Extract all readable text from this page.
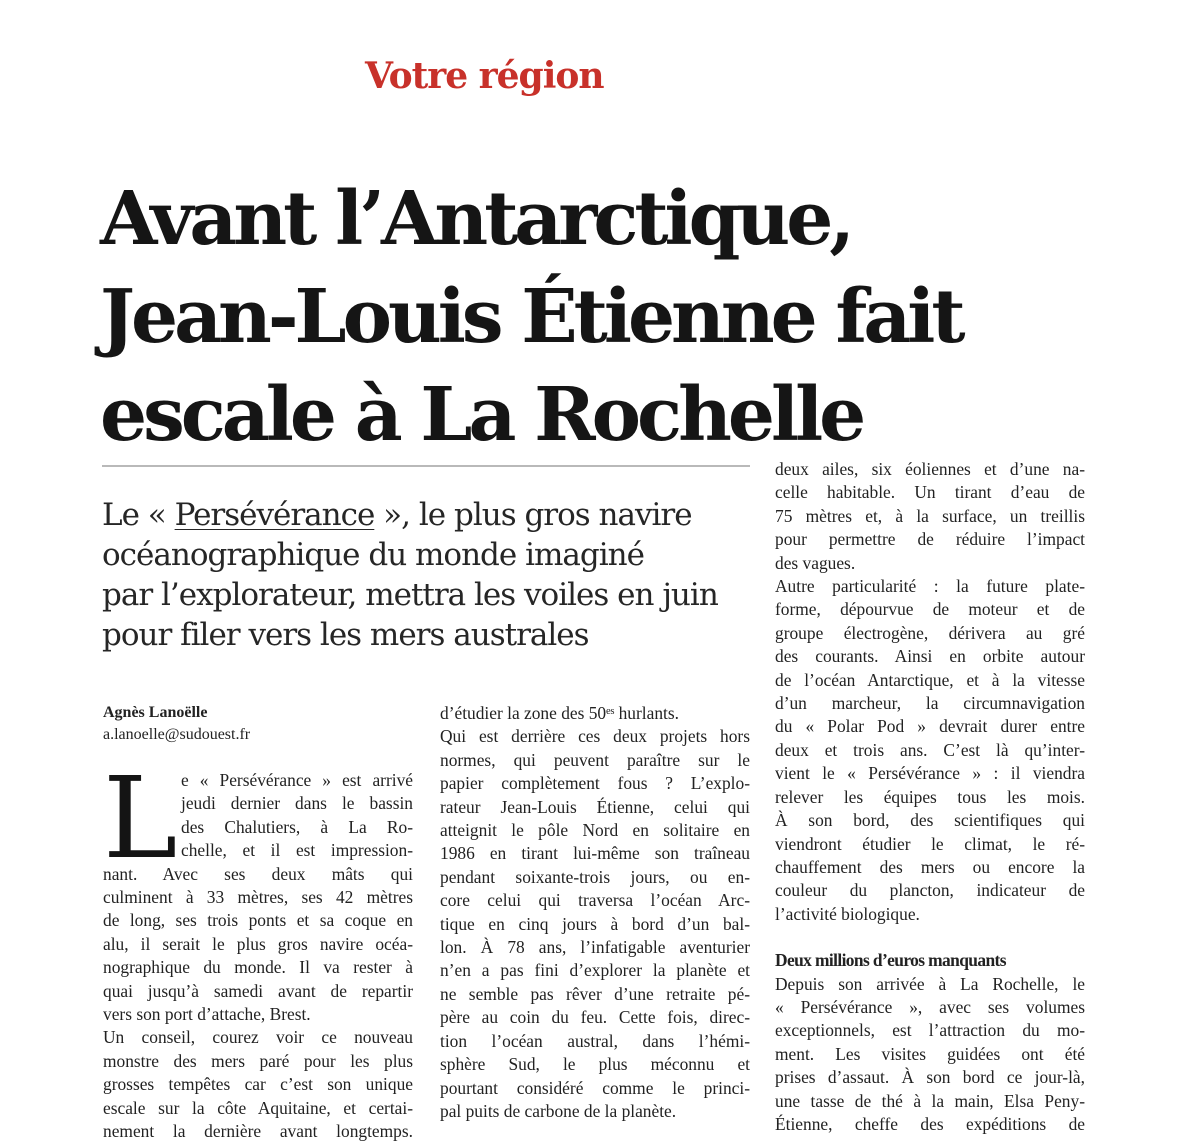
Votre région
Avant l’Antarctique,
Jean-Louis Étienne fait
escale à La Rochelle
Le « Persévérance », le plus gros navire
océanographique du monde imaginé
par l’explorateur, mettra les voiles en juin
pour filer vers les mers australes
Agnès Lanoëlle
a.lanoelle@sudouest.fr
L e « Persévérance » est arrivé
jeudi dernier dans le bassin
des Chalutiers, à La Ro-
chelle, et il est impression-
nant. Avec ses deux mâts qui
culminent à 33 mètres, ses 42 mètres
de long, ses trois ponts et sa coque en
alu, il serait le plus gros navire océa-
nographique du monde. Il va rester à
quai jusqu’à samedi avant de repartir
vers son port d’attache, Brest.
Un conseil, courez voir ce nouveau
monstre des mers paré pour les plus
grosses tempêtes car c’est son unique
escale sur la côte Aquitaine, et certai-
nement la dernière avant longtemps.
d’étudier la zone des 50ᵉˢ hurlants.
Qui est derrière ces deux projets hors
normes, qui peuvent paraître sur le
papier complètement fous ? L’explo-
rateur Jean-Louis Étienne, celui qui
atteignit le pôle Nord en solitaire en
1986 en tirant lui-même son traîneau
pendant soixante-trois jours, ou en-
core celui qui traversa l’océan Arc-
tique en cinq jours à bord d’un bal-
lon. À 78 ans, l’infatigable aventurier
n’en a pas fini d’explorer la planète et
ne semble pas rêver d’une retraite pé-
père au coin du feu. Cette fois, direc-
tion l’océan austral, dans l’hémi-
sphère Sud, le plus méconnu et
pourtant considéré comme le princi-
pal puits de carbone de la planète.
deux ailes, six éoliennes et d’une na-
celle habitable. Un tirant d’eau de
75 mètres et, à la surface, un treillis
pour permettre de réduire l’impact
des vagues.
Autre particularité : la future plate-
forme, dépourvue de moteur et de
groupe électrogène, dérivera au gré
des courants. Ainsi en orbite autour
de l’océan Antarctique, et à la vitesse
d’un marcheur, la circumnavigation
du « Polar Pod » devrait durer entre
deux et trois ans. C’est là qu’inter-
vient le « Persévérance » : il viendra
relever les équipes tous les mois.
À son bord, des scientifiques qui
viendront étudier le climat, le ré-
chauffement des mers ou encore la
couleur du plancton, indicateur de
l’activité biologique.
Deux millions d’euros manquants
Depuis son arrivée à La Rochelle, le
« Persévérance », avec ses volumes
exceptionnels, est l’attraction du mo-
ment. Les visites guidées ont été
prises d’assaut. À son bord ce jour-là,
une tasse de thé à la main, Elsa Peny-
Étienne, cheffe des expéditions de
